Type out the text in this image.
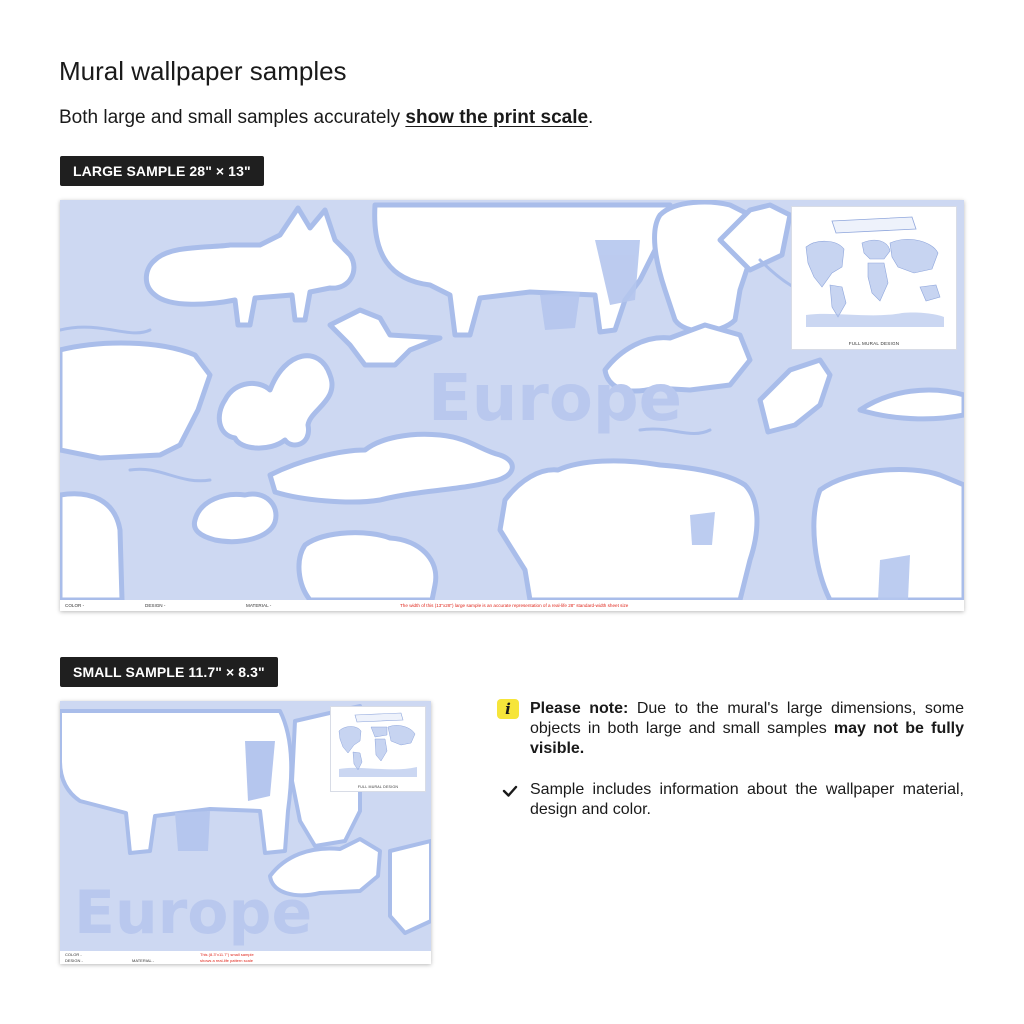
Mural wallpaper samples
Both large and small samples accurately show the print scale.
LARGE SAMPLE 28" × 13"
Europe
FULL MURAL DESIGN
COLOR -	DESIGN -	MATERIAL -	The width of this (13"x28") large sample is an accurate representation of a real-life 28" standard-width sheet size
SMALL SAMPLE 11.7" × 8.3"
Europe
FULL MURAL DESIGN
COLOR -
DESIGN -	MATERIAL -
This (8.3"x11.7") small sample
shows a real-life pattern scale
i	Please note: Due to the mural's large dimensions, some objects in both large and small samples may not be fully visible.
Sample includes information about the wallpaper material, design and color.
